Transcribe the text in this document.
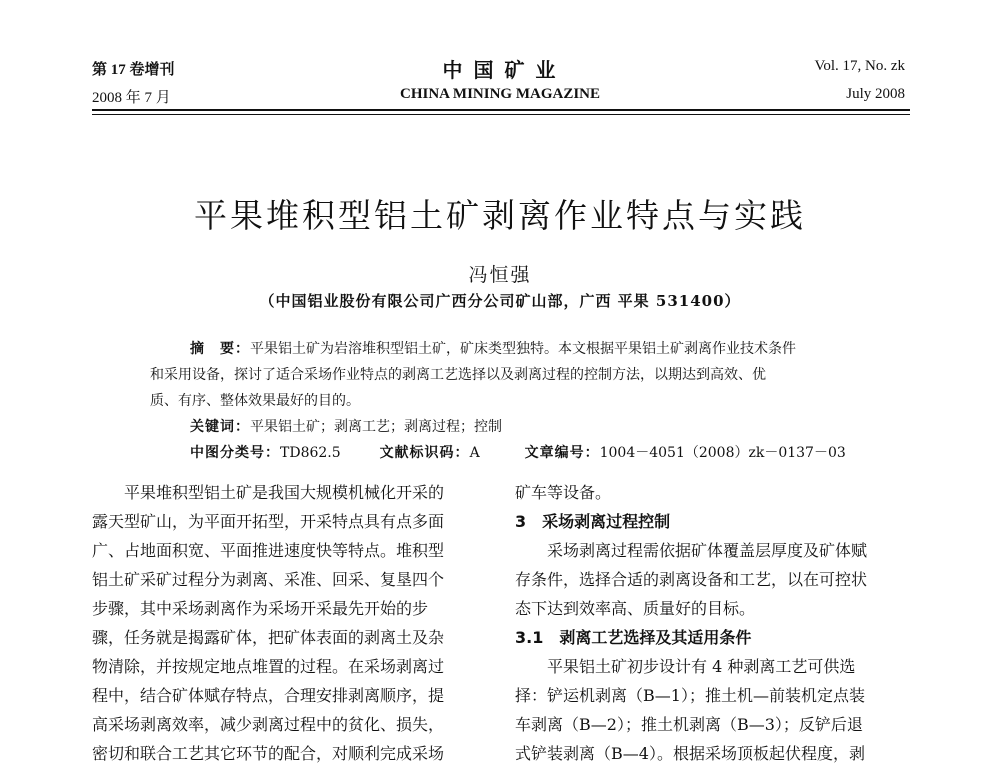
第 17 卷增刊
2008 年 7 月
中 国 矿 业
CHINA MINING MAGAZINE
Vol. 17, No. zk
July 2008
平果堆积型铝土矿剥离作业特点与实践
冯恒强
（中国铝业股份有限公司广西分公司矿山部，广西 平果 531400）
摘　要：平果铝土矿为岩溶堆积型铝土矿，矿床类型独特。本文根据平果铝土矿剥离作业技术条件
和采用设备，探讨了适合采场作业特点的剥离工艺选择以及剥离过程的控制方法，以期达到高效、优
质、有序、整体效果最好的目的。
关键词：平果铝土矿；剥离工艺；剥离过程；控制
中图分类号：TD862.5	文献标识码：A	文章编号：1004－4051（2008）zk－0137－03

　　平果堆积型铝土矿是我国大规模机械化开采的

露天型矿山，为平面开拓型，开采特点具有点多面

广、占地面积宽、平面推进速度快等特点。堆积型

铝土矿采矿过程分为剥离、采准、回采、复垦四个

步骤，其中采场剥离作为采场开采最先开始的步

骤，任务就是揭露矿体，把矿体表面的剥离土及杂

物清除，并按规定地点堆置的过程。在采场剥离过

程中，结合矿体赋存特点，合理安排剥离顺序，提

高采场剥离效率，减少剥离过程中的贫化、损失，

密切和联合工艺其它环节的配合，对顺利完成采场

矿车等设备。

3　采场剥离过程控制

　　采场剥离过程需依据矿体覆盖层厚度及矿体赋

存条件，选择合适的剥离设备和工艺，以在可控状

态下达到效率高、质量好的目标。

3.1　剥离工艺选择及其适用条件

　　平果铝土矿初步设计有 4 种剥离工艺可供选

择：铲运机剥离（B—1）；推土机—前装机定点装

车剥离（B—2）；推土机剥离（B—3）；反铲后退

式铲装剥离（B—4）。根据采场顶板起伏程度，剥
